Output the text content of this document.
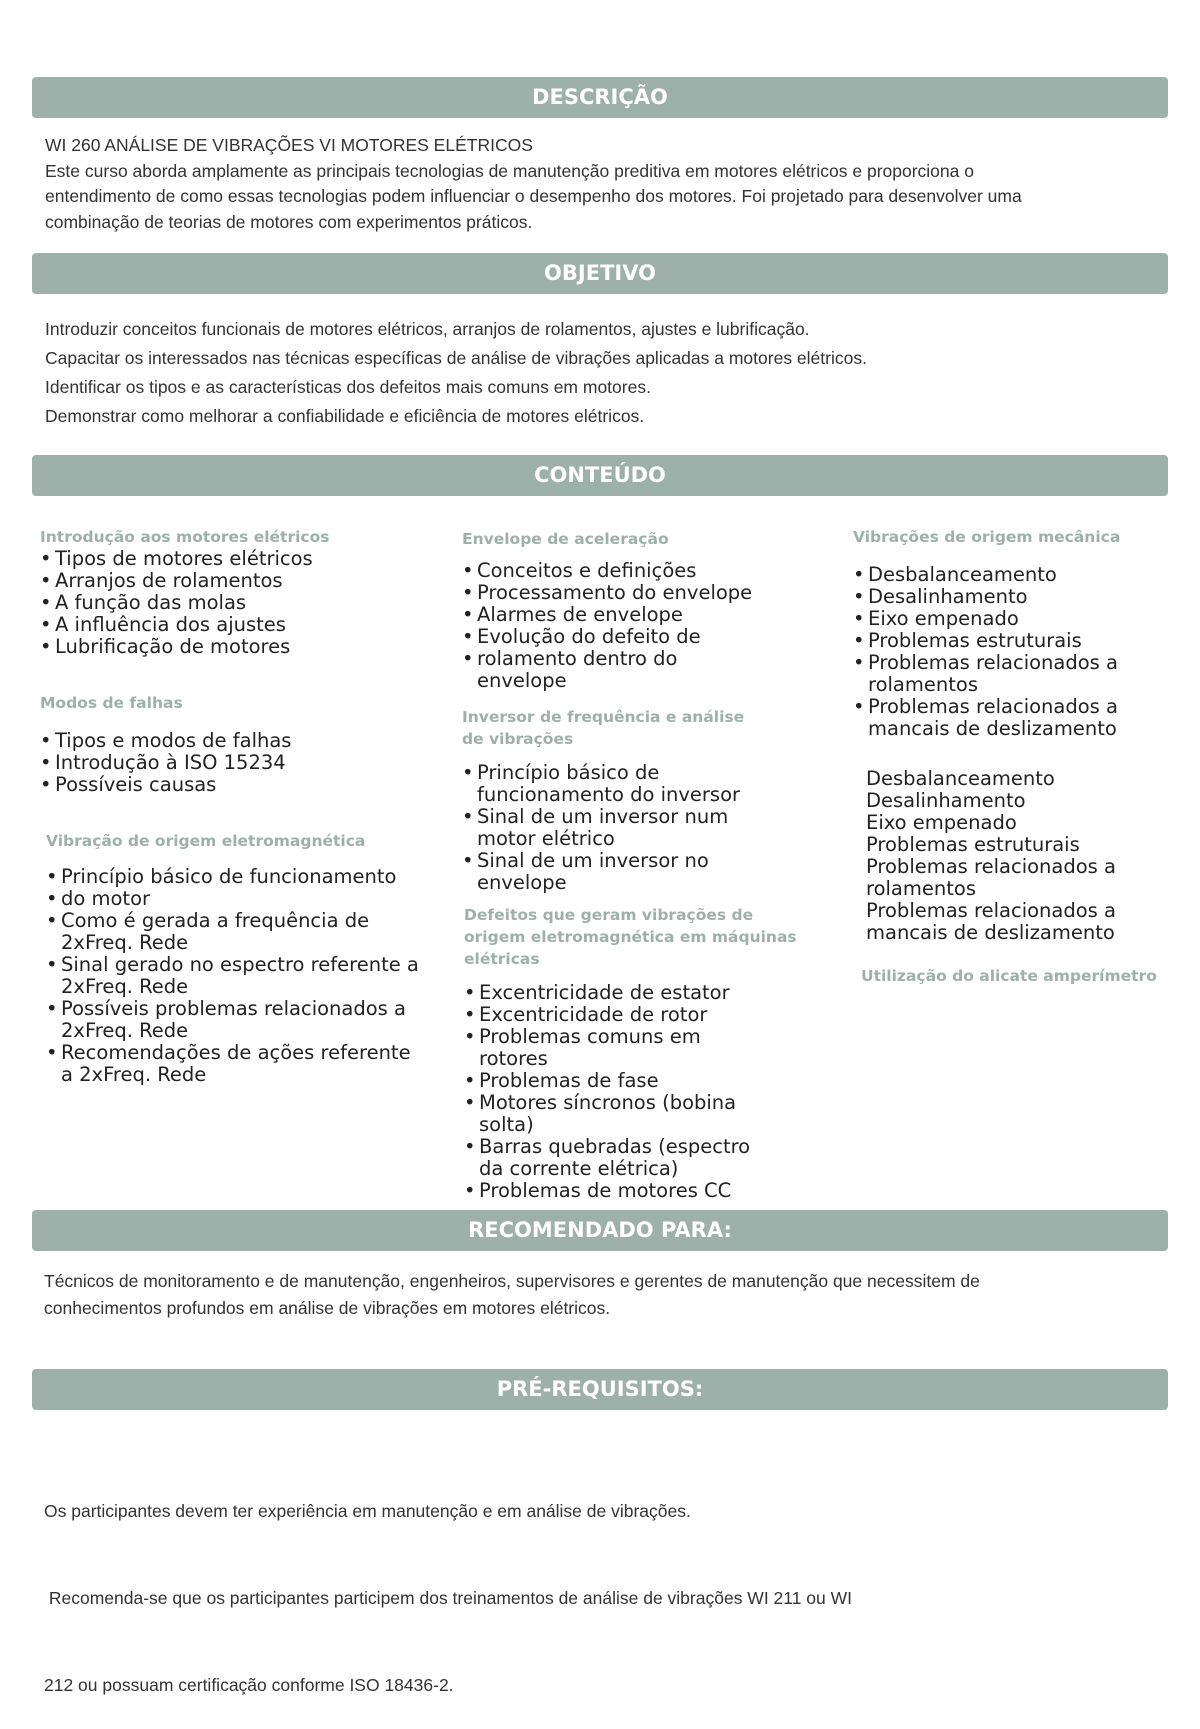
DESCRIÇÃO
WI 260 ANÁLISE DE VIBRAÇÕES VI MOTORES ELÉTRICOS
Este curso aborda amplamente as principais tecnologias de manutenção preditiva em motores elétricos e proporciona o
entendimento de como essas tecnologias podem influenciar o desempenho dos motores. Foi projetado para desenvolver uma
combinação de teorias de motores com experimentos práticos.
OBJETIVO
Introduzir conceitos funcionais de motores elétricos, arranjos de rolamentos, ajustes e lubrificação.
Capacitar os interessados nas técnicas específicas de análise de vibrações aplicadas a motores elétricos.
Identificar os tipos e as características dos defeitos mais comuns em motores.
Demonstrar como melhorar a confiabilidade e eficiência de motores elétricos.
CONTEÚDO
Introdução aos motores elétricos
• Tipos de motores elétricos
• Arranjos de rolamentos
• A função das molas
• A influência dos ajustes
• Lubrificação de motores
Modos de falhas
• Tipos e modos de falhas
• Introdução à ISO 15234
• Possíveis causas
Vibração de origem eletromagnética
• Princípio básico de funcionamento
• do motor
• Como é gerada a frequência de 2xFreq. Rede
• Sinal gerado no espectro referente a 2xFreq. Rede
• Possíveis problemas relacionados a 2xFreq. Rede
• Recomendações de ações referente a 2xFreq. Rede
Envelope de aceleração
• Conceitos e definições
• Processamento do envelope
• Alarmes de envelope
• Evolução do defeito de
• rolamento dentro do envelope
Inversor de frequência e análise de vibrações
• Princípio básico de funcionamento do inversor
• Sinal de um inversor num motor elétrico
• Sinal de um inversor no envelope
Defeitos que geram vibrações de origem eletromagnética em máquinas elétricas
• Excentricidade de estator
• Excentricidade de rotor
• Problemas comuns em rotores
• Problemas de fase
• Motores síncronos (bobina solta)
• Barras quebradas (espectro da corrente elétrica)
• Problemas de motores CC
Vibrações de origem mecânica
• Desbalanceamento
• Desalinhamento
• Eixo empenado
• Problemas estruturais
• Problemas relacionados a rolamentos
• Problemas relacionados a mancais de deslizamento
Desbalanceamento
Desalinhamento
Eixo empenado
Problemas estruturais
Problemas relacionados a
rolamentos
Problemas relacionados a
mancais de deslizamento
Utilização do alicate amperímetro
RECOMENDADO PARA:
Técnicos de monitoramento e de manutenção, engenheiros, supervisores e gerentes de manutenção que necessitem de
conhecimentos profundos em análise de vibrações em motores elétricos.
PRÉ-REQUISITOS:

Os participantes devem ter experiência em manutenção e em análise de vibrações.

Recomenda-se que os participantes participem dos treinamentos de análise de vibrações WI 211 ou WI

212 ou possuam certificação conforme ISO 18436-2.
